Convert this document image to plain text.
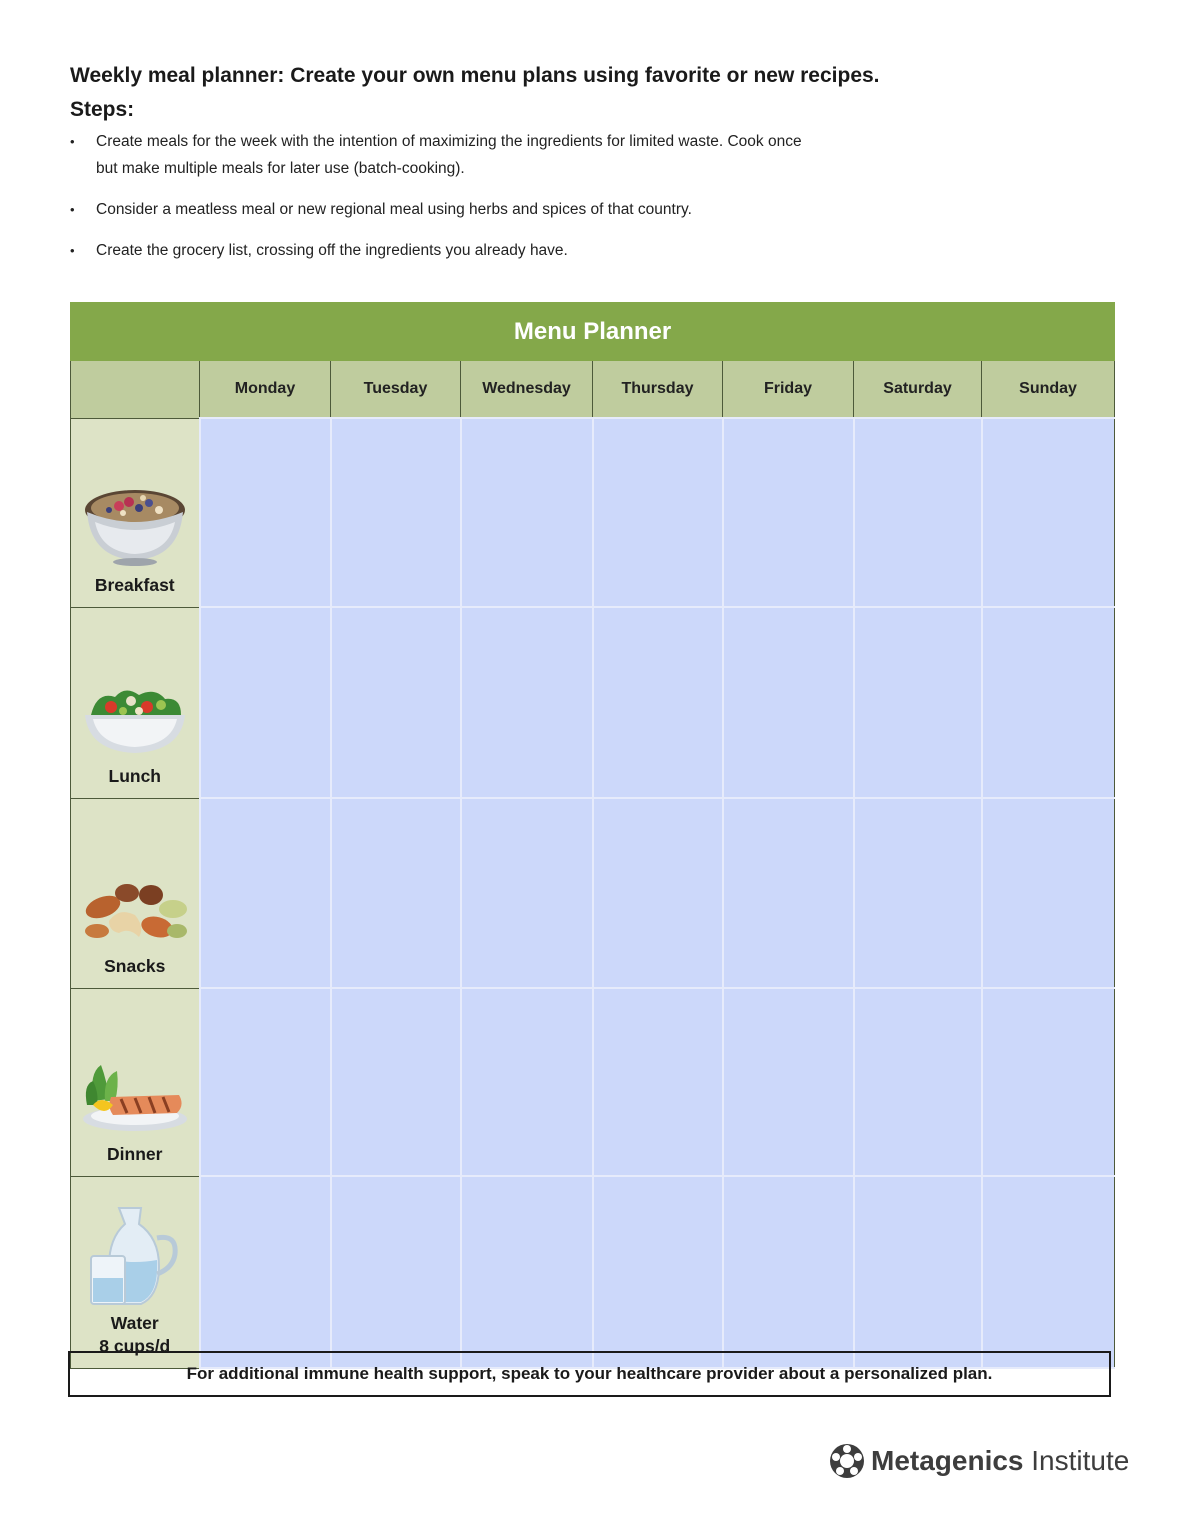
Weekly meal planner: Create your own menu plans using favorite or new recipes.
Steps:
• Create meals for the week with the intention of maximizing the ingredients for limited waste. Cook once
but make multiple meals for later use (batch-cooking).
• Consider a meatless meal or new regional meal using herbs and spices of that country.
• Create the grocery list, crossing off the ingredients you already have.
Menu Planner							
	Monday	Tuesday	Wednesday	Thursday	Friday	Saturday	Sunday

Breakfast							

Lunch							

Snacks							

Dinner							

Water
8 cups/d							

For additional immune health support, speak to your healthcare provider about a personalized plan.
Metagenics Institute
